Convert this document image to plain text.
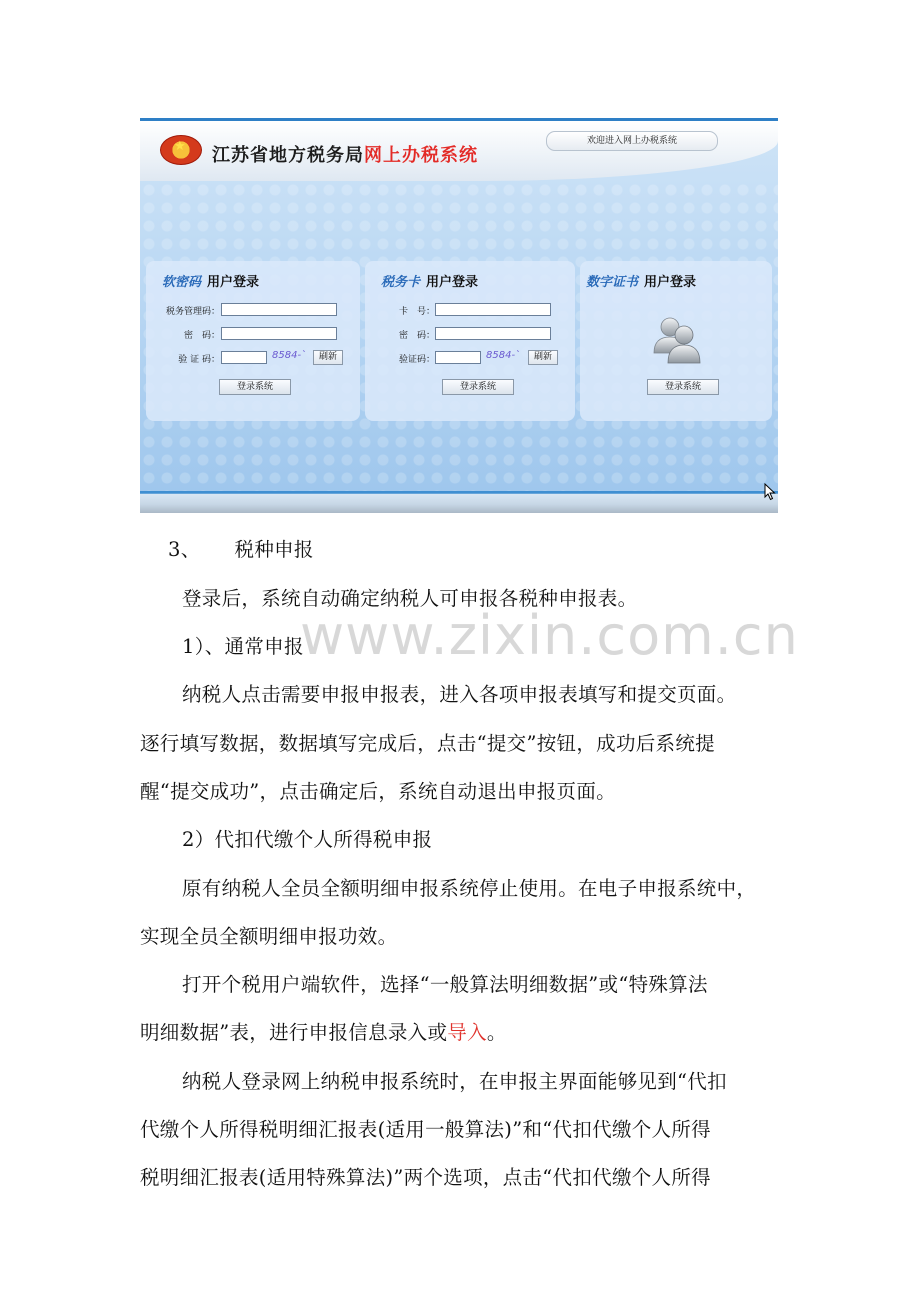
★ 江苏省地方税务局网上办税系统
欢迎进入网上办税系统
软密码 用户登录
税务管理码：
密　码：
验 证 码：	8584-`	刷新
登录系统
税务卡 用户登录
卡　号：
密　码：
验证码：	8584-`	刷新
登录系统
数字证书 用户登录
登录系统
3、 税种申报
登录后，系统自动确定纳税人可申报各税种申报表。
1）、通常申报
纳税人点击需要申报申报表，进入各项申报表填写和提交页面。
逐行填写数据，数据填写完成后，点击“提交”按钮，成功后系统提
醒“提交成功”，点击确定后，系统自动退出申报页面。
2）代扣代缴个人所得税申报
原有纳税人全员全额明细申报系统停止使用。在电子申报系统中，
实现全员全额明细申报功效。
打开个税用户端软件，选择“一般算法明细数据”或“特殊算法
明细数据”表，进行申报信息录入或导入。
纳税人登录网上纳税申报系统时，在申报主界面能够见到“代扣
代缴个人所得税明细汇报表(适用一般算法)”和“代扣代缴个人所得
税明细汇报表(适用特殊算法)”两个选项，点击“代扣代缴个人所得
www.zixin.com.cn
